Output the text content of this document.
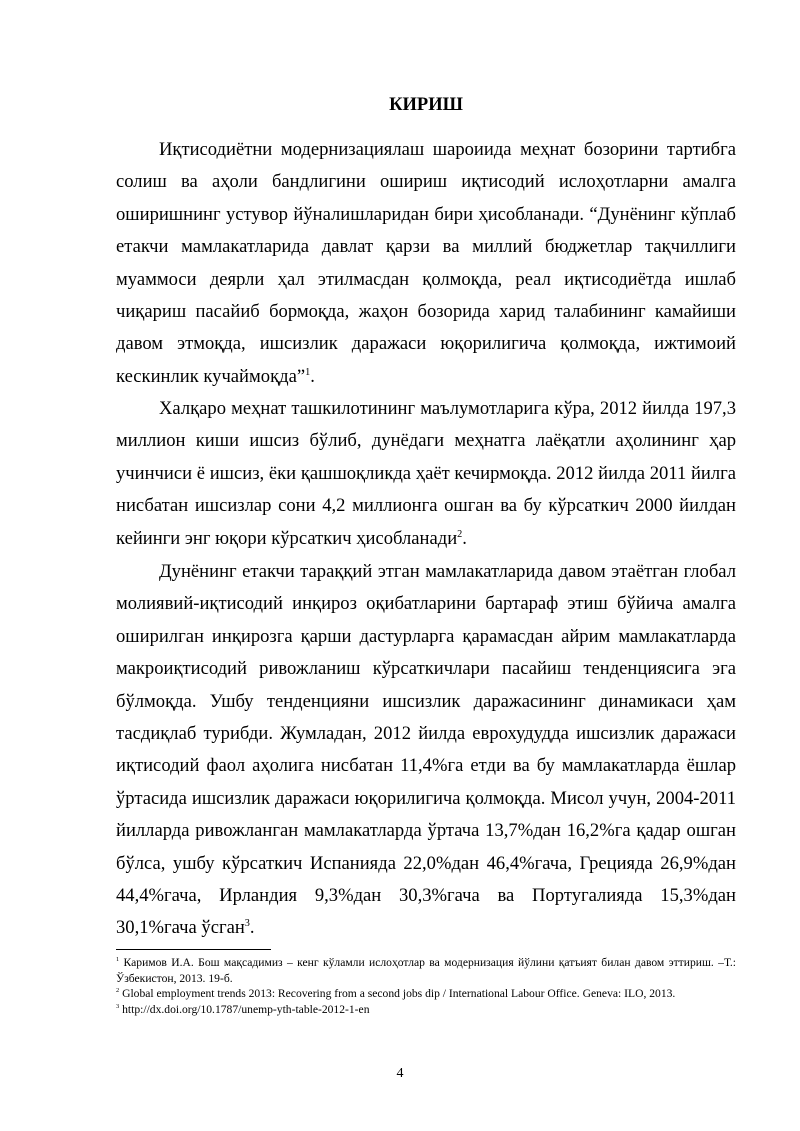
КИРИШ

Иқтисодиётни модернизациялаш шароиида меҳнат бозорини тартибга солиш ва аҳоли бандлигини ошириш иқтисодий ислоҳотларни амалга оширишнинг устувор йўналишларидан бири ҳисобланади. “Дунёнинг кўплаб етакчи мамлакатларида давлат қарзи ва миллий бюджетлар тақчиллиги муаммоси деярли ҳал этилмасдан қолмоқда, реал иқтисодиётда ишлаб чиқариш пасайиб бормоқда, жаҳон бозорида харид талабининг камайиши давом этмоқда, ишсизлик даражаси юқорилигича қолмоқда, ижтимоий кескинлик кучаймоқда”$^1$.

Халқаро меҳнат ташкилотининг маълумотларига кўра, 2012 йилда 197,3 миллион киши ишсиз бўлиб, дунёдаги меҳнатга лаёқатли аҳолининг ҳар учинчиси ё ишсиз, ёки қашшоқликда ҳаёт кечирмоқда. 2012 йилда 2011 йилга нисбатан ишсизлар сони 4,2 миллионга ошган ва бу кўрсаткич 2000 йилдан кейинги энг юқори кўрсаткич ҳисобланади$^2$.

Дунёнинг етакчи тараққий этган мамлакатларида давом этаётган глобал молиявий-иқтисодий инқироз оқибатларини бартараф этиш бўйича амалга оширилган инқирозга қарши дастурларга қарамасдан айрим мамлакатларда макроиқтисодий ривожланиш кўрсаткичлари пасайиш тенденциясига эга бўлмоқда. Ушбу тенденцияни ишсизлик даражасининг динамикаси ҳам тасдиқлаб турибди. Жумладан, 2012 йилда еврохудудда ишсизлик даражаси иқтисодий фаол аҳолига нисбатан 11,4%га етди ва бу мамлакатларда ёшлар ўртасида ишсизлик даражаси юқорилигича қолмоқда. Мисол учун, 2004-2011 йилларда ривожланган мамлакатларда ўртача 13,7%дан 16,2%га қадар ошган бўлса, ушбу кўрсаткич Испанияда 22,0%дан 46,4%гача, Грецияда 26,9%дан 44,4%гача, Ирландия 9,3%дан 30,3%гача ва Португалияда 15,3%дан 30,1%гача ўсган$^3$.

$^1$ Каримов И.А. Бош мақсадимиз – кенг кўламли ислоҳотлар ва модернизация йўлини қатъият билан давом эттириш. –Т.: Ўзбекистон, 2013. 19-б.

$^2$ Global employment trends 2013: Recovering from a second jobs dip / International Labour Office. Geneva: ILO, 2013.

$^3$ http://dx.doi.org/10.1787/unemp-yth-table-2012-1-en

4
